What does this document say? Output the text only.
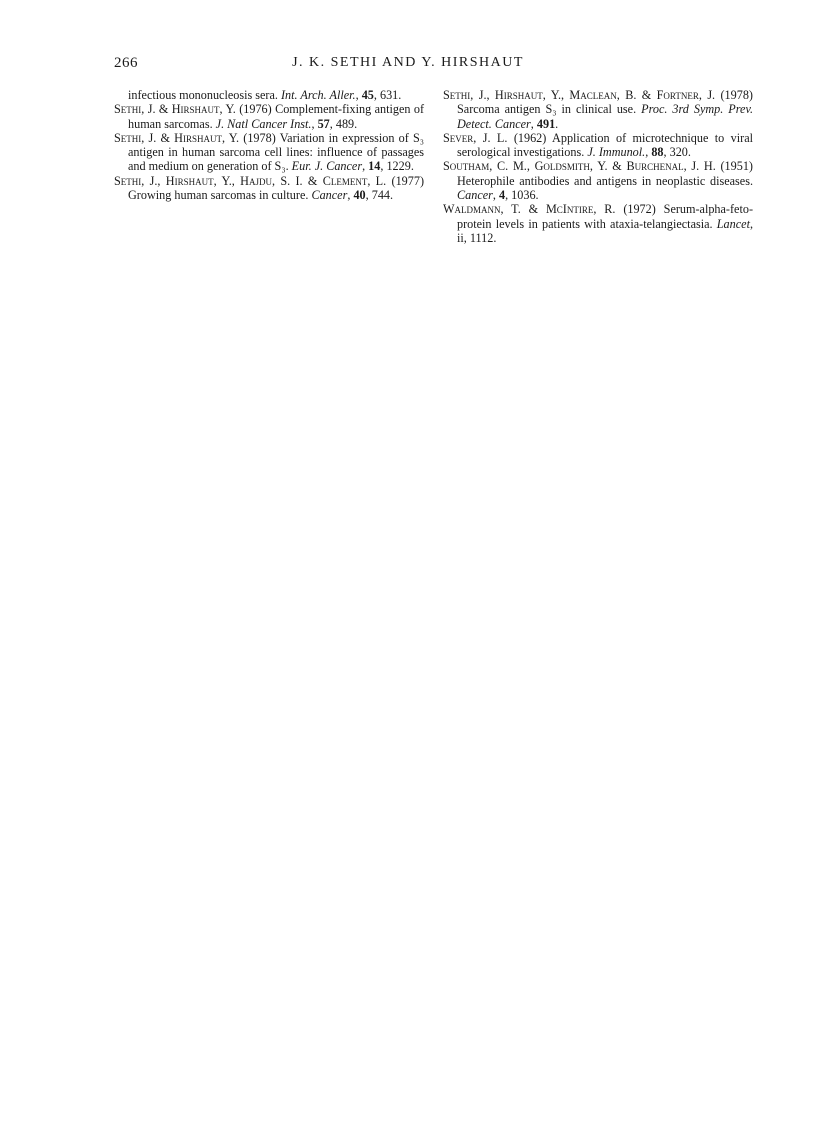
266	J. K. SETHI AND Y. HIRSHAUT

infectious mononucleosis sera. Int. Arch. Aller., 45, 631.

Sethi, J. & Hirshaut, Y. (1976) Complement-fixing antigen of human sarcomas. J. Natl Cancer Inst., 57, 489.

Sethi, J. & Hirshaut, Y. (1978) Variation in expression of S₃ antigen in human sarcoma cell lines: influence of passages and medium on generation of S₃. Eur. J. Cancer, 14, 1229.

Sethi, J., Hirshaut, Y., Hajdu, S. I. & Clement, L. (1977) Growing human sarcomas in culture. Cancer, 40, 744.

Sethi, J., Hirshaut, Y., Maclean, B. & Fortner, J. (1978) Sarcoma antigen S₃ in clinical use. Proc. 3rd Symp. Prev. Detect. Cancer, 491.

Sever, J. L. (1962) Application of microtechnique to viral serological investigations. J. Immunol., 88, 320.

Southam, C. M., Goldsmith, Y. & Burchenal, J. H. (1951) Heterophile antibodies and antigens in neoplastic diseases. Cancer, 4, 1036.

Waldmann, T. & McIntire, R. (1972) Serum-alpha-feto-protein levels in patients with ataxia-telangiectasia. Lancet, ii, 1112.
